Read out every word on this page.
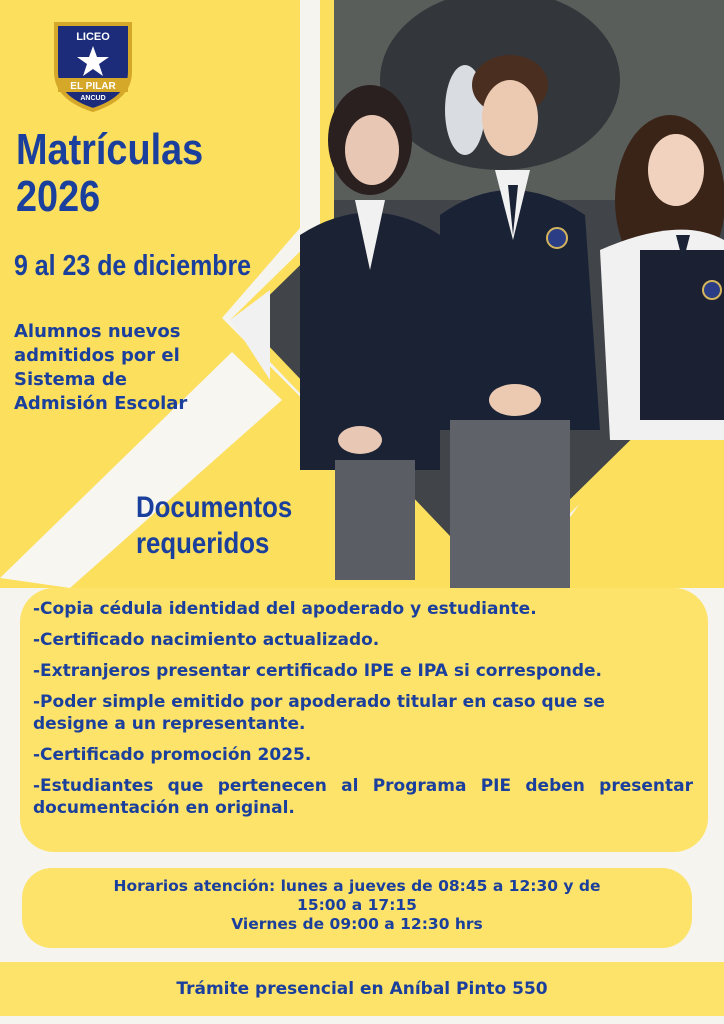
LICEO
EL PILAR
ANCUD
Matrículas
2026
9 al 23 de diciembre
Alumnos nuevos admitidos por el Sistema de Admisión Escolar
Documentos requeridos
-Copia cédula identidad del apoderado y estudiante.
-Certificado nacimiento actualizado.
-Extranjeros presentar certificado IPE e IPA si corresponde.
-Poder simple emitido por apoderado titular en caso que se designe a un representante.
-Certificado promoción 2025.
-Estudiantes que pertenecen al Programa PIE deben presentar documentación en original.
Horarios atención: lunes a jueves de 08:45 a 12:30 y de
15:00 a 17:15
Viernes de 09:00 a 12:30 hrs
Trámite presencial en Aníbal Pinto 550
